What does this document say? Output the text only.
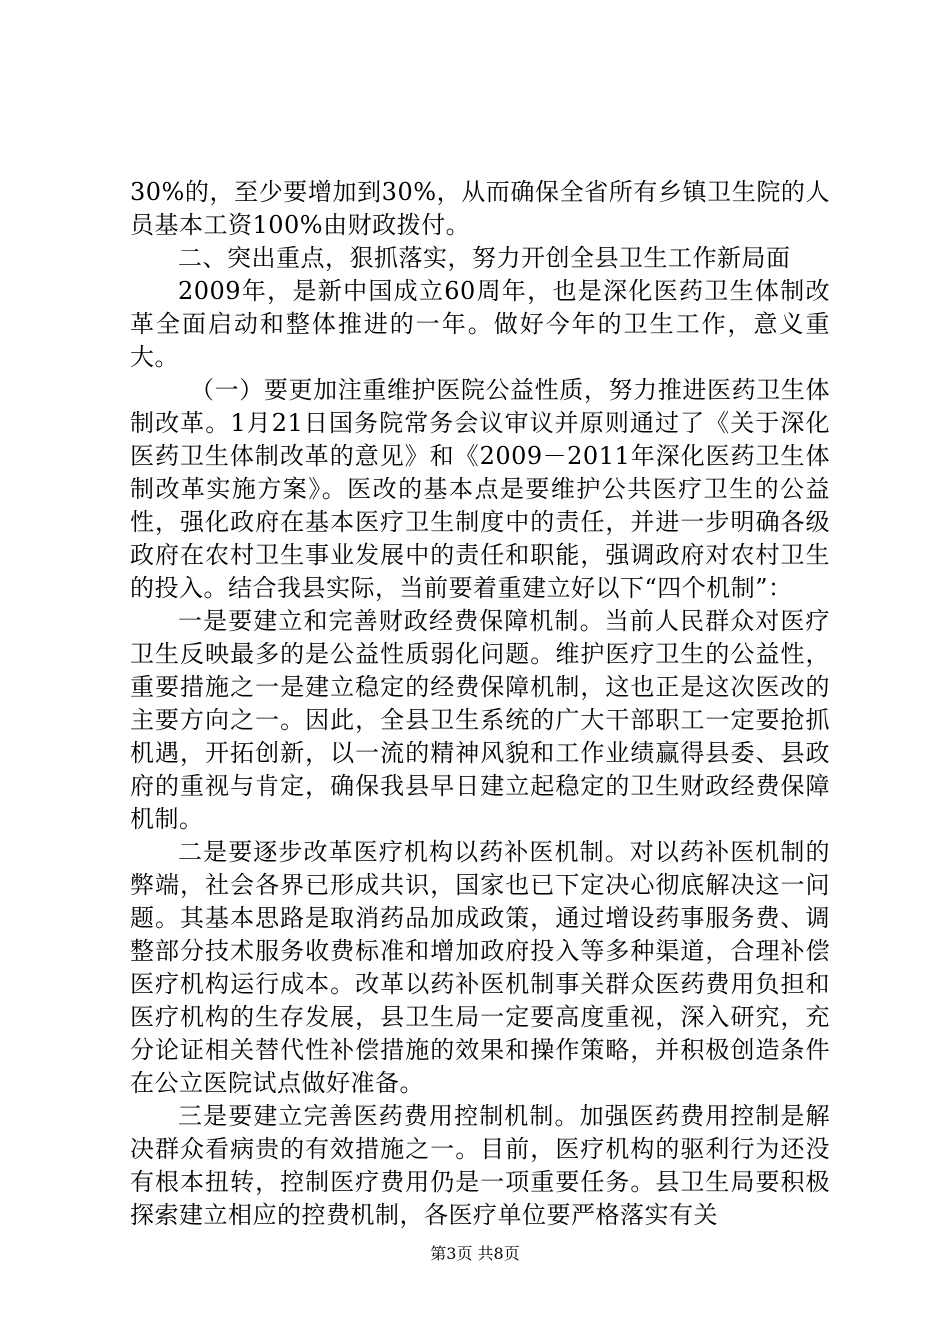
30%的，至少要增加到30%，从而确保全省所有乡镇卫生院的人员基本工资100%由财政拨付。

二、突出重点，狠抓落实，努力开创全县卫生工作新局面

2009年，是新中国成立60周年，也是深化医药卫生体制改革全面启动和整体推进的一年。做好今年的卫生工作，意义重大。

（一）要更加注重维护医院公益性质，努力推进医药卫生体制改革。1月21日国务院常务会议审议并原则通过了《关于深化医药卫生体制改革的意见》和《2009－2011年深化医药卫生体制改革实施方案》。医改的基本点是要维护公共医疗卫生的公益性，强化政府在基本医疗卫生制度中的责任，并进一步明确各级政府在农村卫生事业发展中的责任和职能，强调政府对农村卫生的投入。结合我县实际，当前要着重建立好以下“四个机制”：

一是要建立和完善财政经费保障机制。当前人民群众对医疗卫生反映最多的是公益性质弱化问题。维护医疗卫生的公益性，重要措施之一是建立稳定的经费保障机制，这也正是这次医改的主要方向之一。因此，全县卫生系统的广大干部职工一定要抢抓机遇，开拓创新，以一流的精神风貌和工作业绩赢得县委、县政府的重视与肯定，确保我县早日建立起稳定的卫生财政经费保障机制。

二是要逐步改革医疗机构以药补医机制。对以药补医机制的弊端，社会各界已形成共识，国家也已下定决心彻底解决这一问题。其基本思路是取消药品加成政策，通过增设药事服务费、调整部分技术服务收费标准和增加政府投入等多种渠道，合理补偿医疗机构运行成本。改革以药补医机制事关群众医药费用负担和医疗机构的生存发展，县卫生局一定要高度重视，深入研究，充分论证相关替代性补偿措施的效果和操作策略，并积极创造条件在公立医院试点做好准备。

三是要建立完善医药费用控制机制。加强医药费用控制是解决群众看病贵的有效措施之一。目前，医疗机构的驱利行为还没有根本扭转，控制医疗费用仍是一项重要任务。县卫生局要积极探索建立相应的控费机制，各医疗单位要严格落实有关

第3页 共8页
